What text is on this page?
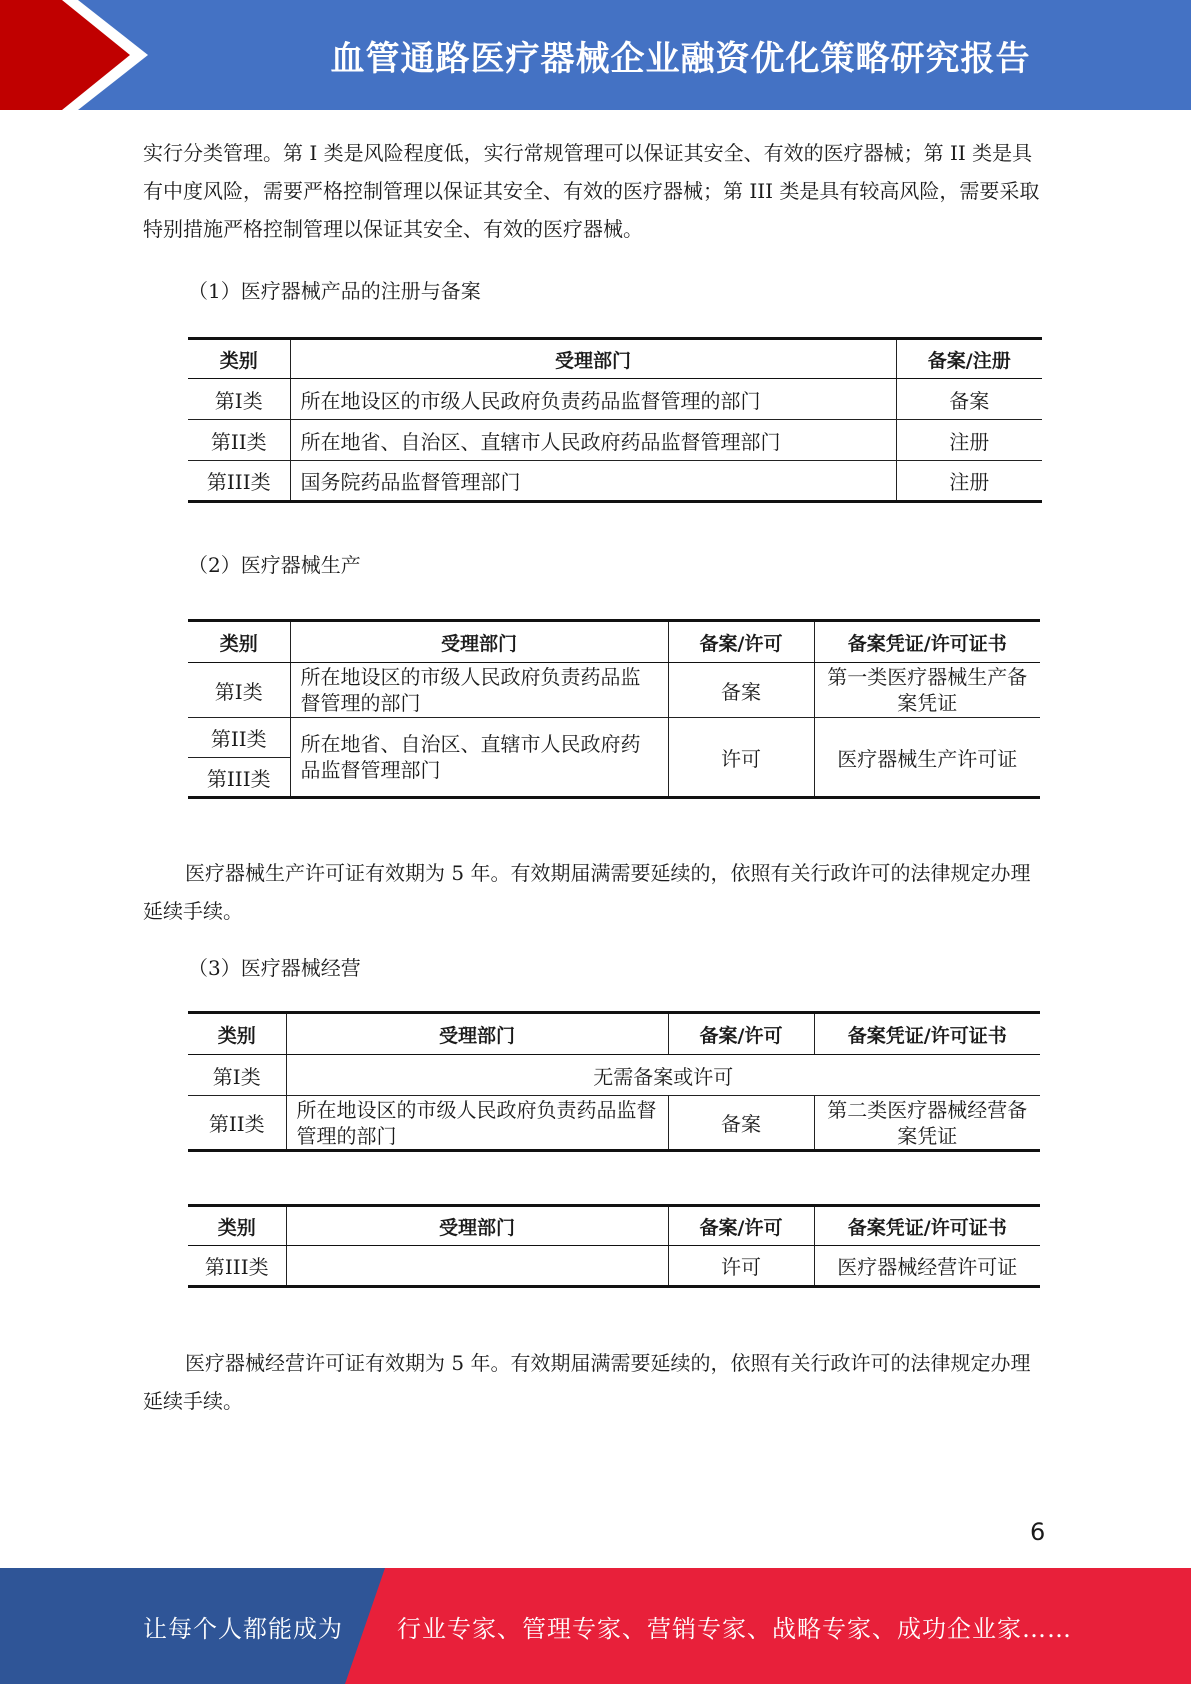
血管通路医疗器械企业融资优化策略研究报告

实行分类管理。第 I 类是风险程度低，实行常规管理可以保证其安全、有效的医疗器械；第 II 类是具有中度风险，需要严格控制管理以保证其安全、有效的医疗器械；第 III 类是具有较高风险，需要采取特别措施严格控制管理以保证其安全、有效的医疗器械。

（1）医疗器械产品的注册与备案

类别	受理部门	备案/注册
第I类	所在地设区的市级人民政府负责药品监督管理的部门	备案
第II类	所在地省、自治区、直辖市人民政府药品监督管理部门	注册
第III类	国务院药品监督管理部门	注册

（2）医疗器械生产

类别	受理部门	备案/许可	备案凭证/许可证书
第I类	所在地设区的市级人民政府负责药品监督管理的部门	备案	第一类医疗器械生产备案凭证
第II类	所在地省、自治区、直辖市人民政府药品监督管理部门	许可	医疗器械生产许可证
第III类			

医疗器械生产许可证有效期为 5 年。有效期届满需要延续的，依照有关行政许可的法律规定办理延续手续。

（3）医疗器械经营

类别	受理部门	备案/许可	备案凭证/许可证书
第I类	无需备案或许可		
第II类	所在地设区的市级人民政府负责药品监督管理的部门	备案	第二类医疗器械经营备案凭证
类别	受理部门	备案/许可	备案凭证/许可证书
第III类		许可	医疗器械经营许可证

医疗器械经营许可证有效期为 5 年。有效期届满需要延续的，依照有关行政许可的法律规定办理延续手续。

6
让每个人都能成为 行业专家、管理专家、营销专家、战略专家、成功企业家……
